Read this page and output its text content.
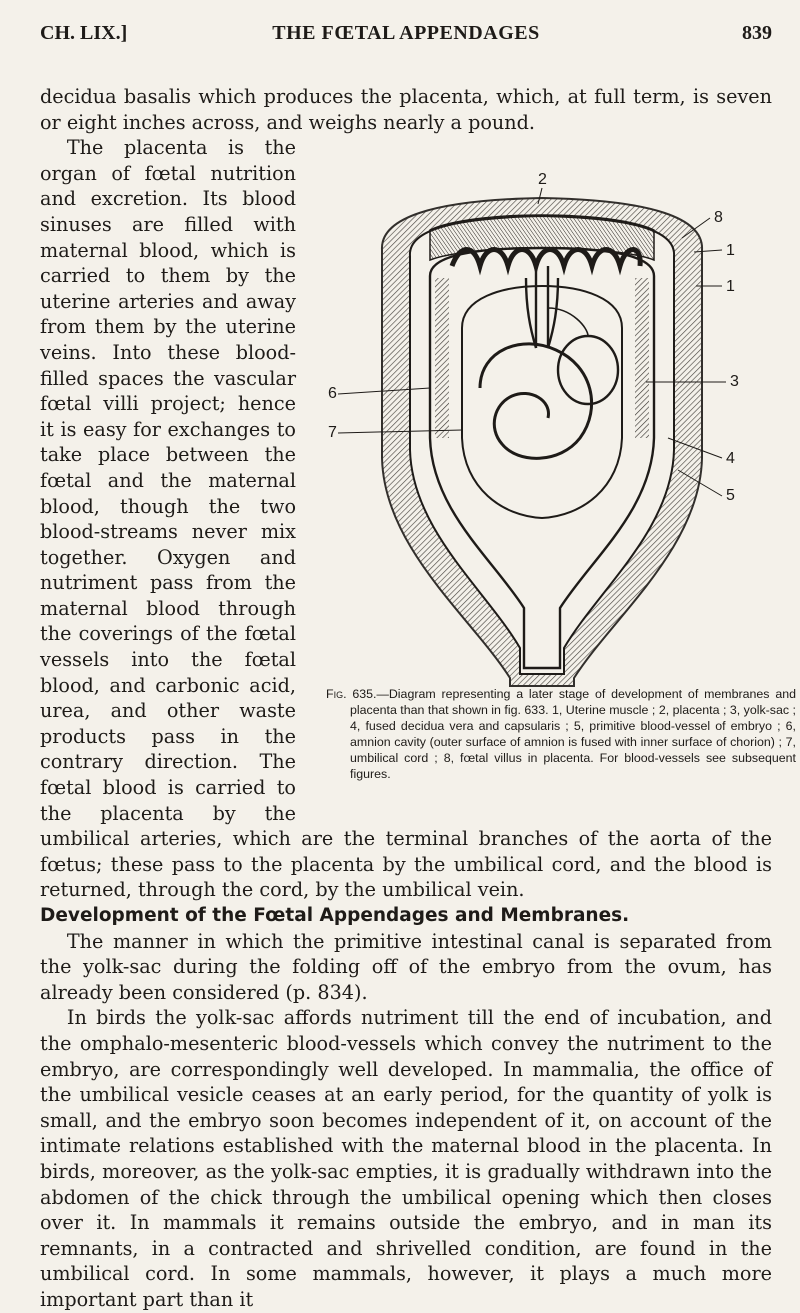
CH. LIX.]	THE FŒTAL APPENDAGES	839

decidua basalis which produces the placenta, which, at full term, is seven or eight inches across, and weighs nearly a pound.

2
8
1
1
3
4
5
6
7
Fig. 635.—Diagram representing a later stage of development of membranes and placenta than that shown in fig. 633. 1, Uterine muscle ; 2, placenta ; 3, yolk-sac ; 4, fused decidua vera and capsularis ; 5, primitive blood-vessel of embryo ; 6, amnion cavity (outer surface of amnion is fused with inner surface of chorion) ; 7, umbilical cord ; 8, fœtal villus in placenta. For blood-vessels see subsequent figures.
The placenta is the organ of fœtal nutrition and excretion. Its blood sinuses are filled with maternal blood, which is carried to them by the uterine arteries and away from them by the uterine veins. Into these blood-filled spaces the vascular fœtal villi project; hence it is easy for exchanges to take place between the fœtal and the maternal blood, though the two blood-streams never mix together. Oxygen and nutriment pass from the maternal blood through the coverings of the fœtal vessels into the fœtal blood, and carbonic acid, urea, and other waste products pass in the contrary direction. The fœtal blood is carried to the placenta by the umbilical arteries, which are the terminal branches of the aorta of the fœtus; these pass to the placenta by the umbilical cord, and the blood is returned, through the cord, by the umbilical vein.

Development of the Fœtal Appendages and Membranes.

The manner in which the primitive intestinal canal is separated from the yolk-sac during the folding off of the embryo from the ovum, has already been considered (p. 834).

In birds the yolk-sac affords nutriment till the end of incubation, and the omphalo-mesenteric blood-vessels which convey the nutriment to the embryo, are correspondingly well developed. In mammalia, the office of the umbilical vesicle ceases at an early period, for the quantity of yolk is small, and the embryo soon becomes independent of it, on account of the intimate relations established with the maternal blood in the placenta. In birds, moreover, as the yolk-sac empties, it is gradually withdrawn into the abdomen of the chick through the umbilical opening which then closes over it. In mammals it remains outside the embryo, and in man its remnants, in a contracted and shrivelled condition, are found in the umbilical cord. In some mammals, however, it plays a much more important part than it
